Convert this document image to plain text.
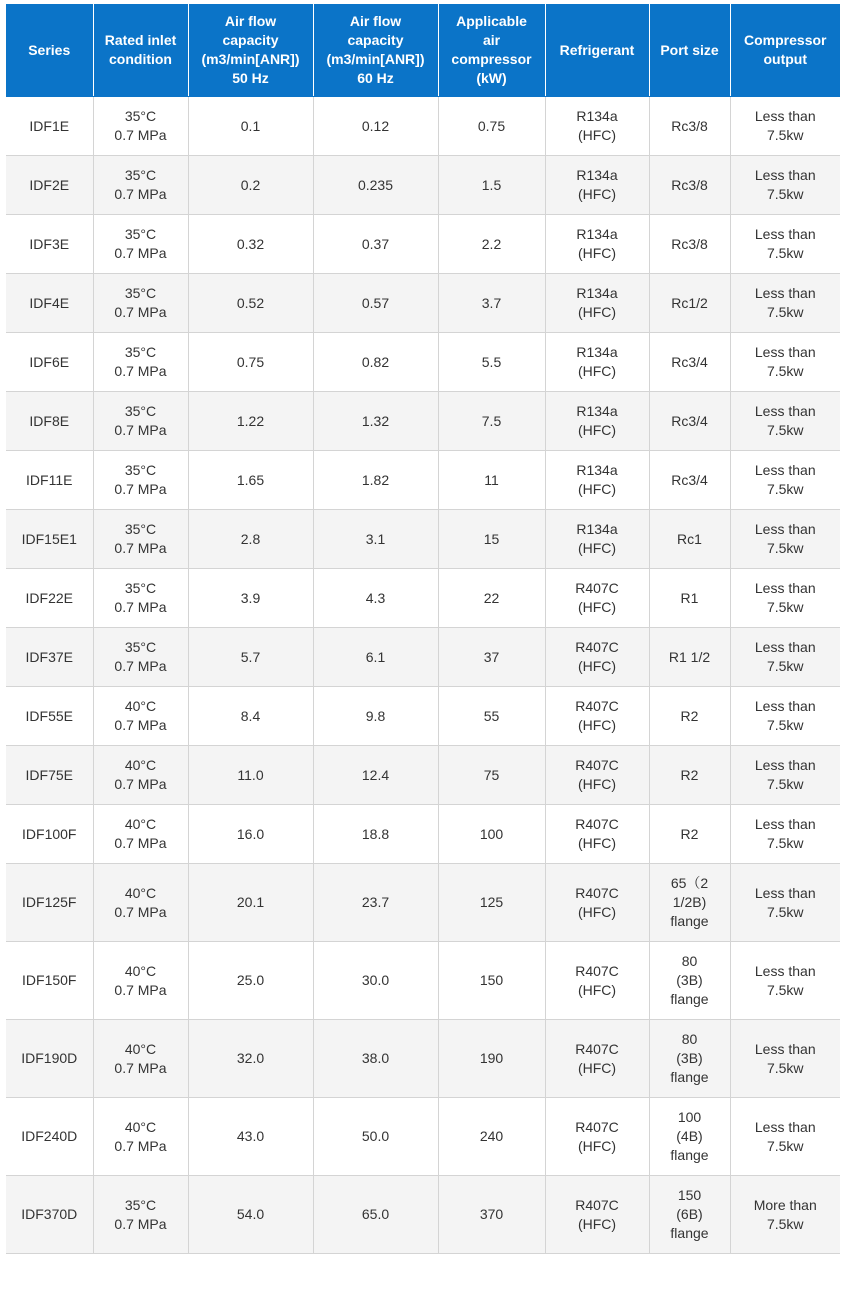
Series	Rated inlet
condition	Air flow
capacity
(m3/min[ANR])
50 Hz	Air flow
capacity
(m3/min[ANR])
60 Hz	Applicable
air
compressor
(kW)	Refrigerant	Port size	Compressor
output
IDF1E	35°C
0.7 MPa	0.1	0.12	0.75	R134a
(HFC)	Rc3/8	Less than
7.5kw
IDF2E	35°C
0.7 MPa	0.2	0.235	1.5	R134a
(HFC)	Rc3/8	Less than
7.5kw
IDF3E	35°C
0.7 MPa	0.32	0.37	2.2	R134a
(HFC)	Rc3/8	Less than
7.5kw
IDF4E	35°C
0.7 MPa	0.52	0.57	3.7	R134a
(HFC)	Rc1/2	Less than
7.5kw
IDF6E	35°C
0.7 MPa	0.75	0.82	5.5	R134a
(HFC)	Rc3/4	Less than
7.5kw
IDF8E	35°C
0.7 MPa	1.22	1.32	7.5	R134a
(HFC)	Rc3/4	Less than
7.5kw
IDF11E	35°C
0.7 MPa	1.65	1.82	11	R134a
(HFC)	Rc3/4	Less than
7.5kw
IDF15E1	35°C
0.7 MPa	2.8	3.1	15	R134a
(HFC)	Rc1	Less than
7.5kw
IDF22E	35°C
0.7 MPa	3.9	4.3	22	R407C
(HFC)	R1	Less than
7.5kw
IDF37E	35°C
0.7 MPa	5.7	6.1	37	R407C
(HFC)	R1 1/2	Less than
7.5kw
IDF55E	40°C
0.7 MPa	8.4	9.8	55	R407C
(HFC)	R2	Less than
7.5kw
IDF75E	40°C
0.7 MPa	11.0	12.4	75	R407C
(HFC)	R2	Less than
7.5kw
IDF100F	40°C
0.7 MPa	16.0	18.8	100	R407C
(HFC)	R2	Less than
7.5kw
IDF125F	40°C
0.7 MPa	20.1	23.7	125	R407C
(HFC)	65（2
1/2B)
flange	Less than
7.5kw
IDF150F	40°C
0.7 MPa	25.0	30.0	150	R407C
(HFC)	80
(3B)
flange	Less than
7.5kw
IDF190D	40°C
0.7 MPa	32.0	38.0	190	R407C
(HFC)	80
(3B)
flange	Less than
7.5kw
IDF240D	40°C
0.7 MPa	43.0	50.0	240	R407C
(HFC)	100
(4B)
flange	Less than
7.5kw
IDF370D	35°C
0.7 MPa	54.0	65.0	370	R407C
(HFC)	150
(6B)
flange	More than
7.5kw
